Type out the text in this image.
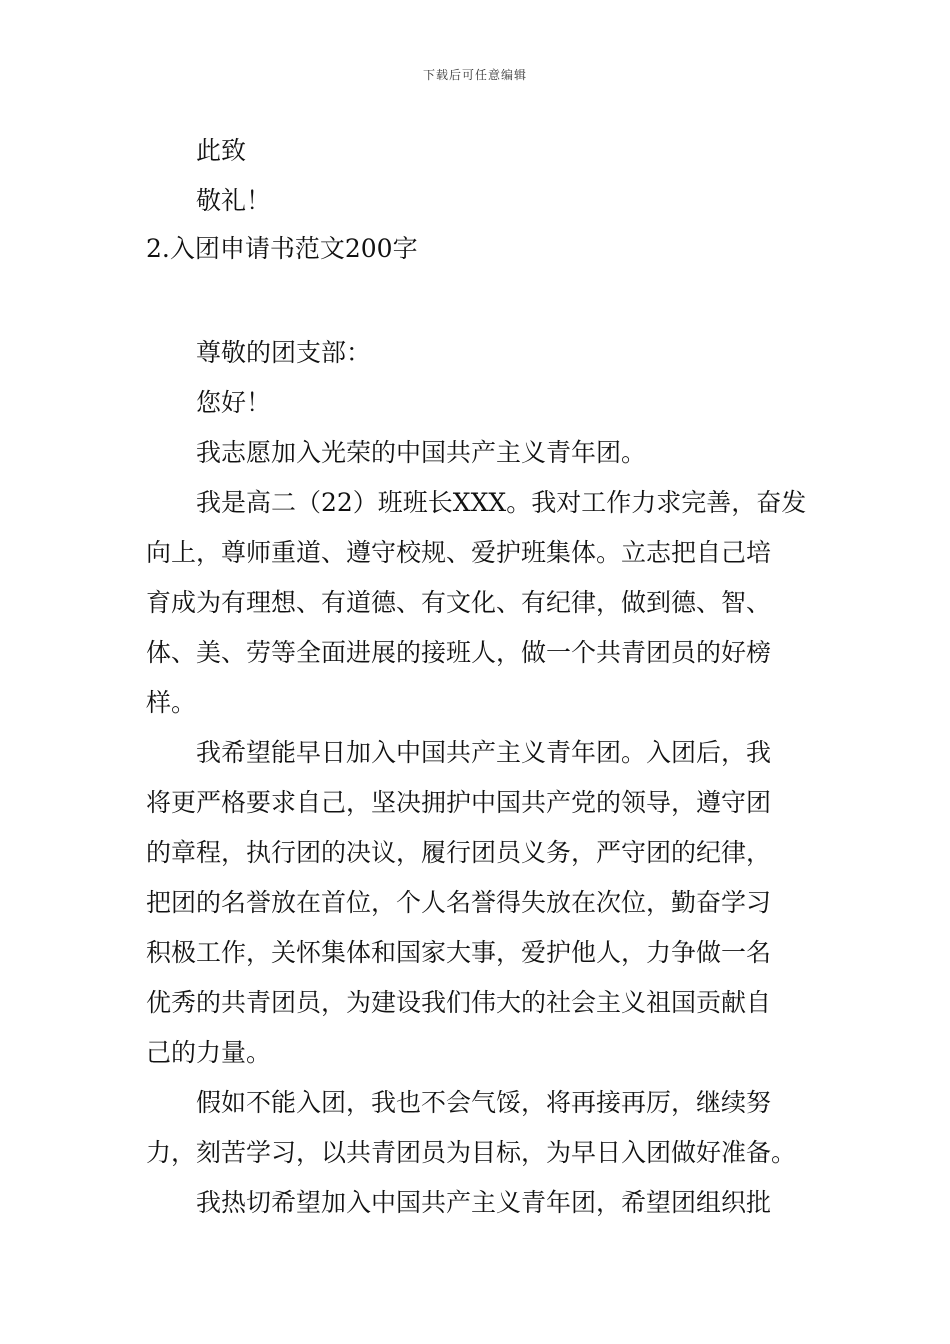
下载后可任意编辑
此致
敬礼！
2.入团申请书范文200字
尊敬的团支部：
您好！
我志愿加入光荣的中国共产主义青年团。
我是高二（22）班班长XXX。我对工作力求完善，奋发
向上，尊师重道、遵守校规、爱护班集体。立志把自己培
育成为有理想、有道德、有文化、有纪律，做到德、智、
体、美、劳等全面进展的接班人，做一个共青团员的好榜
样。
我希望能早日加入中国共产主义青年团。入团后，我
将更严格要求自己，坚决拥护中国共产党的领导，遵守团
的章程，执行团的决议，履行团员义务，严守团的纪律，
把团的名誉放在首位，个人名誉得失放在次位，勤奋学习
积极工作，关怀集体和国家大事，爱护他人，力争做一名
优秀的共青团员，为建设我们伟大的社会主义祖国贡献自
己的力量。
假如不能入团，我也不会气馁，将再接再厉，继续努
力，刻苦学习，以共青团员为目标，为早日入团做好准备。
我热切希望加入中国共产主义青年团，希望团组织批
